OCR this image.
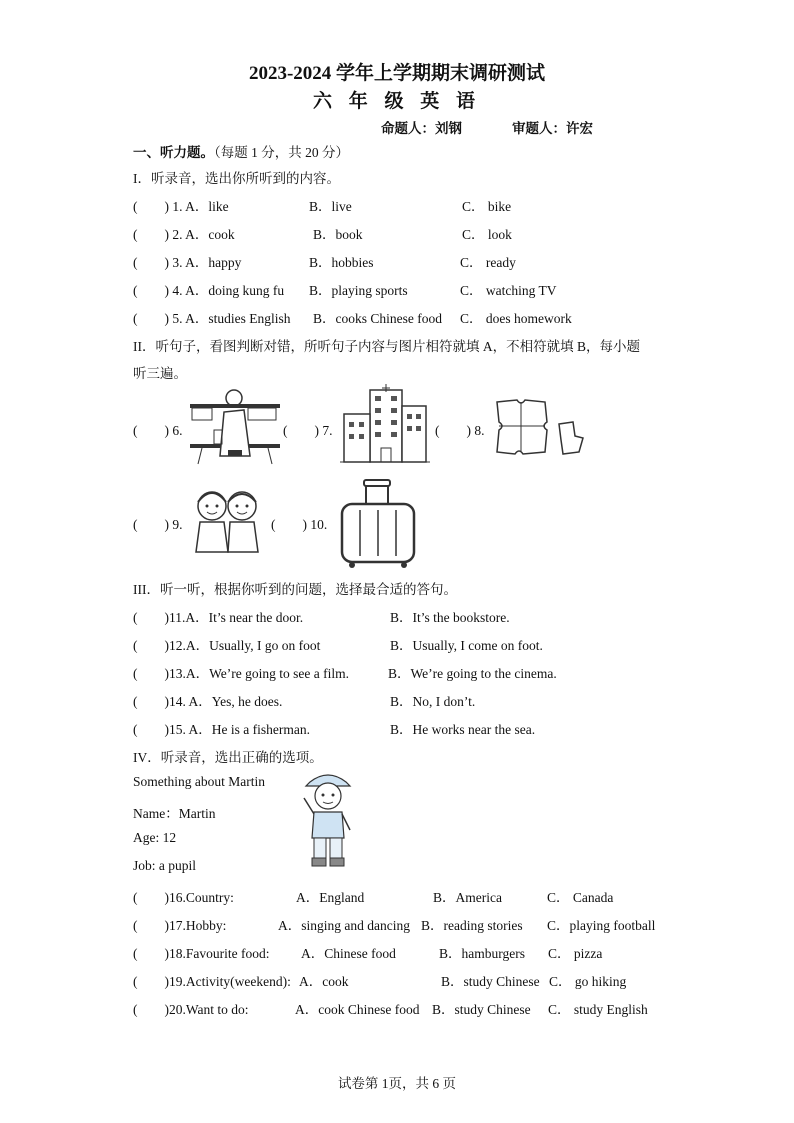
2023-2024 学年上学期期末调研测试
六 年 级 英 语
命题人：刘钢	审题人：许宏
一、听力题。（每题 1 分，共 20 分）
I．听录音，选出你所听到的内容。
(　　) 1. A．like	B．live	C． bike
(　　) 2. A．cook	B．book	C． look
(　　) 3. A．happy	B．hobbies	C． ready
(　　) 4. A．doing kung fu B．playing sports	C． watching TV
(　　) 5. A．studies English B．cooks Chinese food C． does homework
II．听句子，看图判断对错，所听句子内容与图片相符就填 A，不相符就填 B，每小题
听三遍。
(　　) 6.	(　　) 7.	(　　) 8.
(　　) 9.	(　　) 10.
III．听一听，根据你听到的问题，选择最合适的答句。
(　　)11.A．It’s near the door.	B．It’s the bookstore.
(　　)12.A．Usually, I go on foot	B．Usually, I come on foot.
(　　)13.A．We’re going to see a film.	B．We’re going to the cinema.
(　　)14. A．Yes, he does.	B．No, I don’t.
(　　)15. A．He is a fisherman.	B．He works near the sea.
IV．听录音，选出正确的选项。
Something about Martin
Name：Martin
Age: 12
Job: a pupil
(　　)16.Country:	A．England	B．America	C． Canada
(　　)17.Hobby:	A．singing and dancing B．reading stories C．playing football
(　　)18.Favourite food: A．Chinese food	B．hamburgers C． pizza
(　　)19.Activity(weekend): A．cook	B．study Chinese C． go hiking
(　　)20.Want to do:	A．cook Chinese food B．study Chinese C． study English
试卷第 1页，共 6 页
